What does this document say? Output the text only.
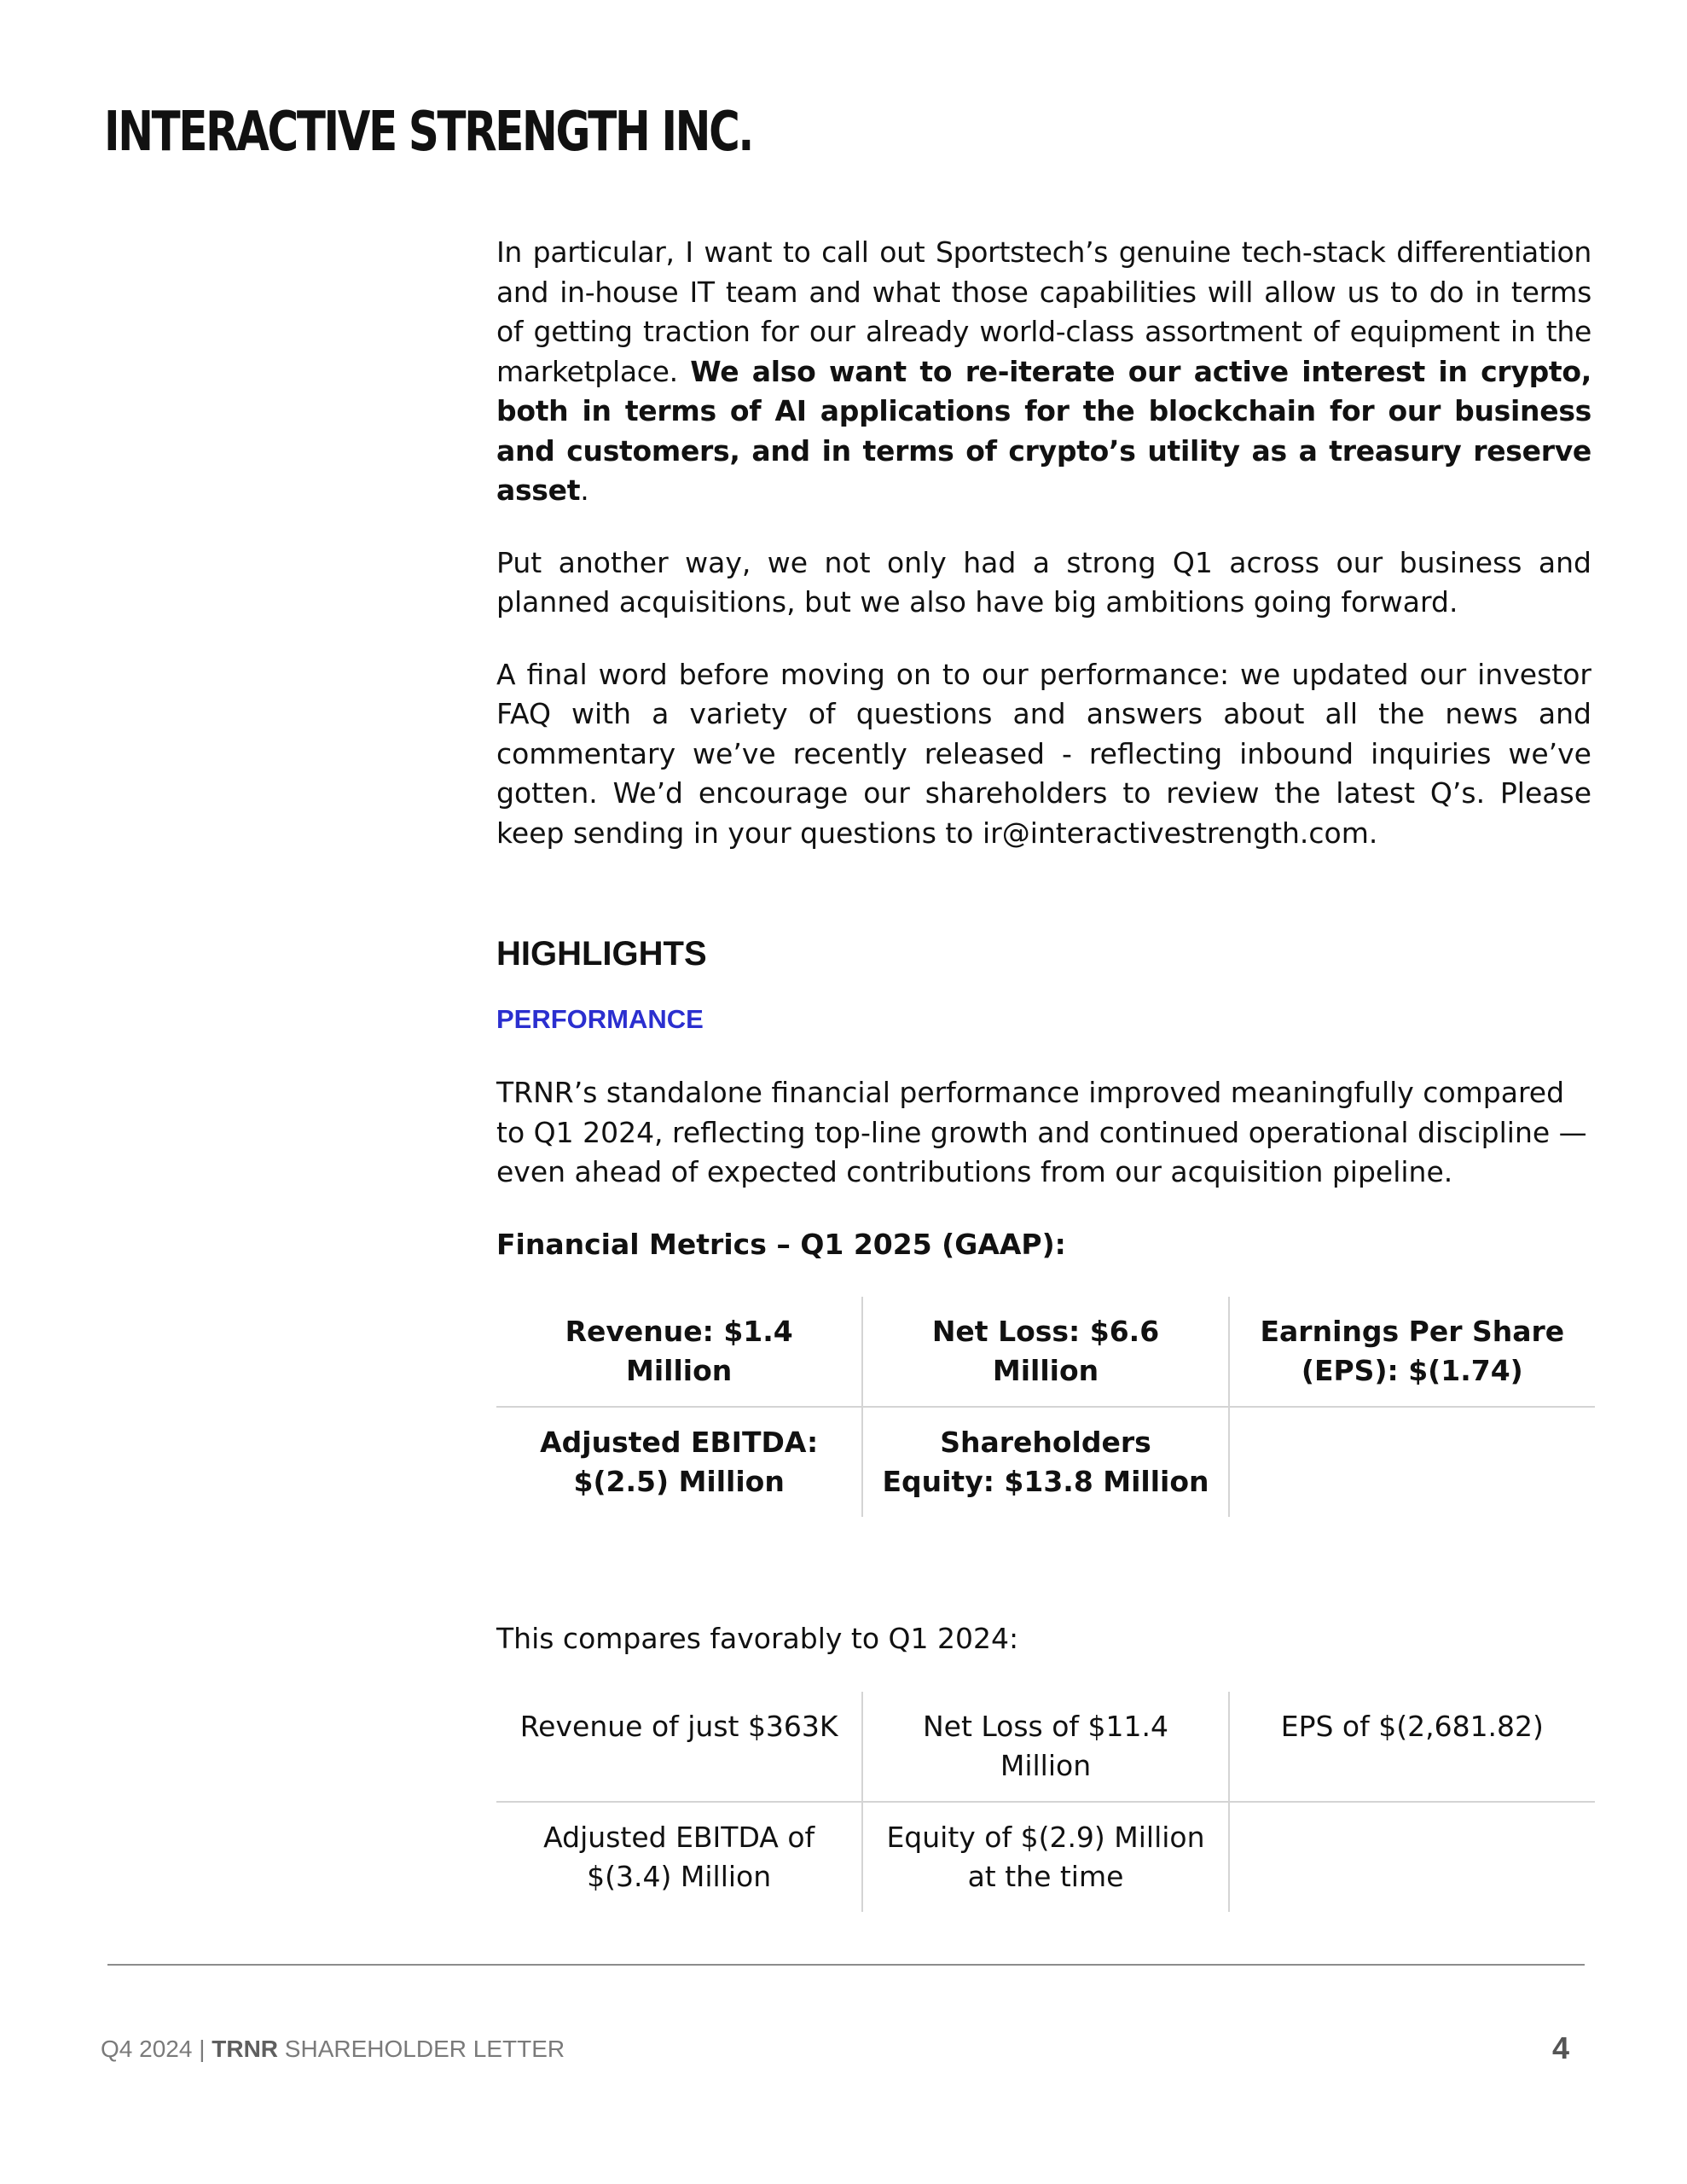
INTERACTIVE STRENGTH INC.

In particular, I want to call out Sportstech’s genuine tech-stack differentiation and in-house IT team and what those capabilities will allow us to do in terms of getting traction for our already world-class assortment of equipment in the marketplace. We also want to re-iterate our active interest in crypto, both in terms of AI applications for the blockchain for our business and customers, and in terms of crypto’s utility as a treasury reserve asset.

Put another way, we not only had a strong Q1 across our business and planned acquisitions, but we also have big ambitions going forward.

A final word before moving on to our performance: we updated our investor FAQ with a variety of questions and answers about all the news and commentary we’ve recently released - reflecting inbound inquiries we’ve gotten. We’d encourage our shareholders to review the latest Q’s. Please keep sending in your questions to ir@interactivestrength.com.

HIGHLIGHTS
PERFORMANCE

TRNR’s standalone financial performance improved meaningfully compared to Q1 2024, reflecting top-line growth and continued operational discipline — even ahead of expected contributions from our acquisition pipeline.

Financial Metrics – Q1 2025 (GAAP):

Revenue: $1.4 Million	Net Loss: $6.6 Million	Earnings Per Share (EPS): $(1.74)
Adjusted EBITDA: $(2.5) Million	Shareholders Equity: $13.8 Million	

This compares favorably to Q1 2024:

Revenue of just $363K	Net Loss of $11.4 Million	EPS of $(2,681.82)
Adjusted EBITDA of $(3.4) Million	Equity of $(2.9) Million at the time	
Q4 2024 | TRNR SHAREHOLDER LETTER	4
